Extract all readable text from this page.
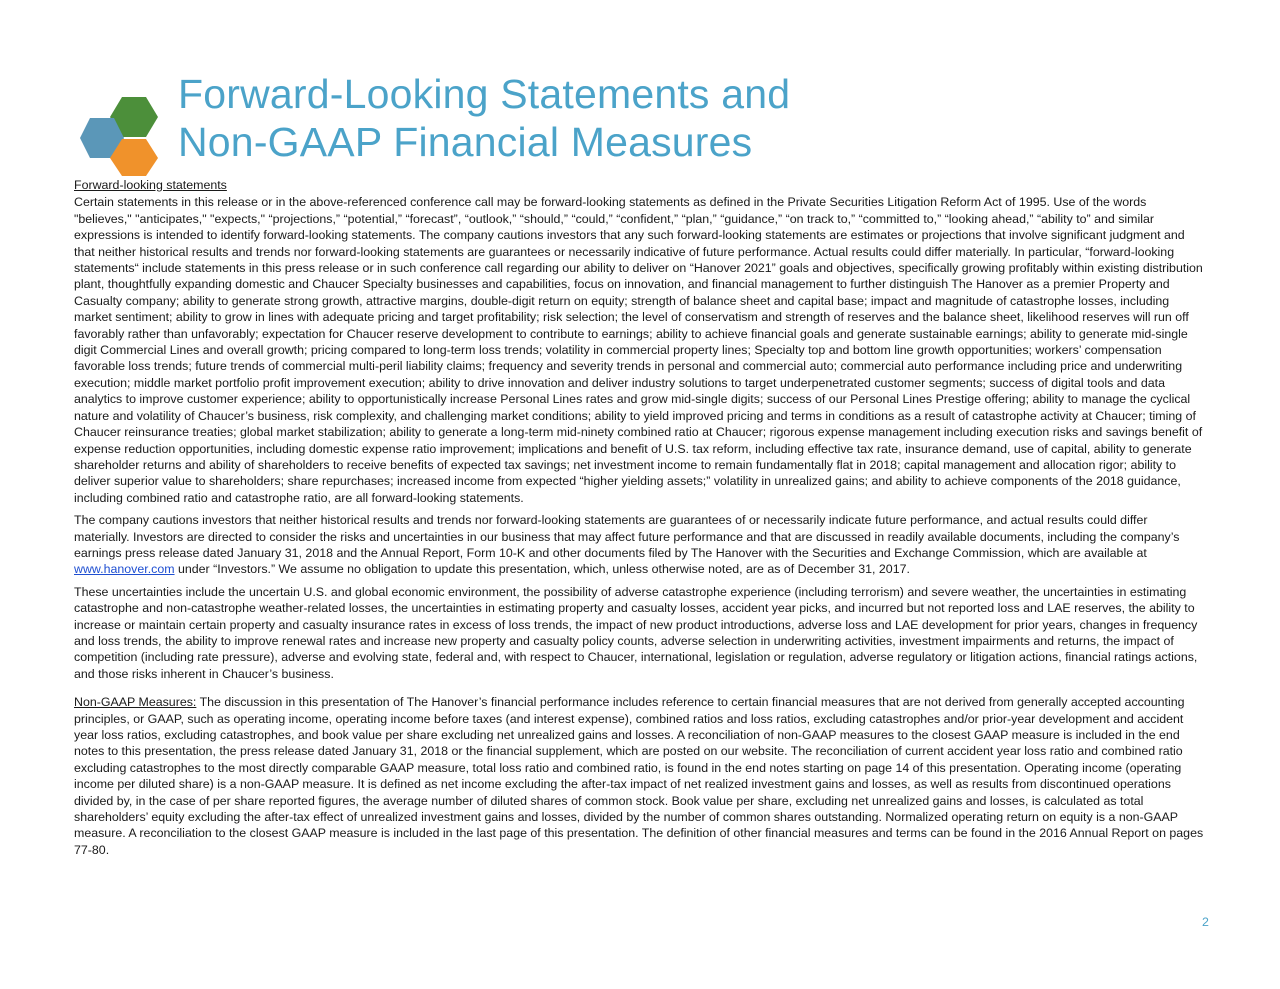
Forward-Looking Statements and
Non-GAAP Financial Measures
Forward-looking statements

Certain statements in this release or in the above-referenced conference call may be forward-looking statements as defined in the Private Securities Litigation Reform Act of 1995. Use of the words "believes," "anticipates," "expects," “projections,” “potential,” “forecast”, “outlook,” “should,” “could,” “confident,” “plan,” “guidance,” “on track to,” “committed to,” “looking ahead,” “ability to” and similar expressions is intended to identify forward-looking statements. The company cautions investors that any such forward-looking statements are estimates or projections that involve significant judgment and that neither historical results and trends nor forward-looking statements are guarantees or necessarily indicative of future performance. Actual results could differ materially. In particular, “forward-looking statements“ include statements in this press release or in such conference call regarding our ability to deliver on “Hanover 2021” goals and objectives, specifically growing profitably within existing distribution plant, thoughtfully expanding domestic and Chaucer Specialty businesses and capabilities, focus on innovation, and financial management to further distinguish The Hanover as a premier Property and Casualty company; ability to generate strong growth, attractive margins, double-digit return on equity; strength of balance sheet and capital base; impact and magnitude of catastrophe losses, including market sentiment; ability to grow in lines with adequate pricing and target profitability; risk selection; the level of conservatism and strength of reserves and the balance sheet, likelihood reserves will run off favorably rather than unfavorably; expectation for Chaucer reserve development to contribute to earnings; ability to achieve financial goals and generate sustainable earnings; ability to generate mid-single digit Commercial Lines and overall growth; pricing compared to long-term loss trends; volatility in commercial property lines; Specialty top and bottom line growth opportunities; workers’ compensation favorable loss trends; future trends of commercial multi-peril liability claims; frequency and severity trends in personal and commercial auto; commercial auto performance including price and underwriting execution; middle market portfolio profit improvement execution; ability to drive innovation and deliver industry solutions to target underpenetrated customer segments; success of digital tools and data analytics to improve customer experience; ability to opportunistically increase Personal Lines rates and grow mid-single digits; success of our Personal Lines Prestige offering; ability to manage the cyclical nature and volatility of Chaucer’s business, risk complexity, and challenging market conditions; ability to yield improved pricing and terms in conditions as a result of catastrophe activity at Chaucer; timing of Chaucer reinsurance treaties; global market stabilization; ability to generate a long-term mid-ninety combined ratio at Chaucer; rigorous expense management including execution risks and savings benefit of expense reduction opportunities, including domestic expense ratio improvement; implications and benefit of U.S. tax reform, including effective tax rate, insurance demand, use of capital, ability to generate shareholder returns and ability of shareholders to receive benefits of expected tax savings; net investment income to remain fundamentally flat in 2018; capital management and allocation rigor; ability to deliver superior value to shareholders; share repurchases; increased income from expected “higher yielding assets;” volatility in unrealized gains; and ability to achieve components of the 2018 guidance, including combined ratio and catastrophe ratio, are all forward-looking statements.

The company cautions investors that neither historical results and trends nor forward-looking statements are guarantees of or necessarily indicate future performance, and actual results could differ materially. Investors are directed to consider the risks and uncertainties in our business that may affect future performance and that are discussed in readily available documents, including the company’s earnings press release dated January 31, 2018 and the Annual Report, Form 10-K and other documents filed by The Hanover with the Securities and Exchange Commission, which are available at www.hanover.com under “Investors.” We assume no obligation to update this presentation, which, unless otherwise noted, are as of December 31, 2017.

These uncertainties include the uncertain U.S. and global economic environment, the possibility of adverse catastrophe experience (including terrorism) and severe weather, the uncertainties in estimating catastrophe and non-catastrophe weather-related losses, the uncertainties in estimating property and casualty losses, accident year picks, and incurred but not reported loss and LAE reserves, the ability to increase or maintain certain property and casualty insurance rates in excess of loss trends, the impact of new product introductions, adverse loss and LAE development for prior years, changes in frequency and loss trends, the ability to improve renewal rates and increase new property and casualty policy counts, adverse selection in underwriting activities, investment impairments and returns, the impact of competition (including rate pressure), adverse and evolving state, federal and, with respect to Chaucer, international, legislation or regulation, adverse regulatory or litigation actions, financial ratings actions, and those risks inherent in Chaucer’s business.

Non-GAAP Measures: The discussion in this presentation of The Hanover’s financial performance includes reference to certain financial measures that are not derived from generally accepted accounting principles, or GAAP, such as operating income, operating income before taxes (and interest expense), combined ratios and loss ratios, excluding catastrophes and/or prior-year development and accident year loss ratios, excluding catastrophes, and book value per share excluding net unrealized gains and losses. A reconciliation of non-GAAP measures to the closest GAAP measure is included in the end notes to this presentation, the press release dated January 31, 2018 or the financial supplement, which are posted on our website. The reconciliation of current accident year loss ratio and combined ratio excluding catastrophes to the most directly comparable GAAP measure, total loss ratio and combined ratio, is found in the end notes starting on page 14 of this presentation. Operating income (operating income per diluted share) is a non-GAAP measure. It is defined as net income excluding the after-tax impact of net realized investment gains and losses, as well as results from discontinued operations divided by, in the case of per share reported figures, the average number of diluted shares of common stock. Book value per share, excluding net unrealized gains and losses, is calculated as total shareholders’ equity excluding the after-tax effect of unrealized investment gains and losses, divided by the number of common shares outstanding. Normalized operating return on equity is a non-GAAP measure. A reconciliation to the closest GAAP measure is included in the last page of this presentation. The definition of other financial measures and terms can be found in the 2016 Annual Report on pages 77-80.

2
